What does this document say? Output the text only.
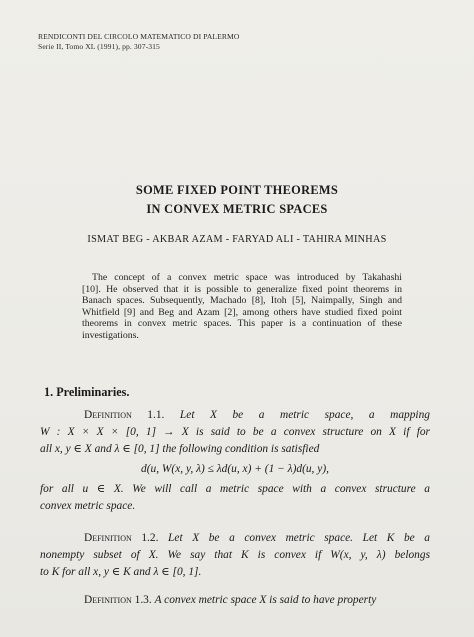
RENDICONTI DEL CIRCOLO MATEMATICO DI PALERMO
Serie II, Tomo XL (1991), pp. 307-315
SOME FIXED POINT THEOREMS
IN CONVEX METRIC SPACES
ISMAT BEG - AKBAR AZAM - FARYAD ALI - TAHIRA MINHAS
The concept of a convex metric space was introduced by Takahashi
[10]. He observed that it is possible to generalize fixed point theorems in
Banach spaces. Subsequently, Machado [8], Itoh [5], Naimpally, Singh and
Whitfield [9] and Beg and Azam [2], among others have studied fixed point
theorems in convex metric spaces. This paper is a continuation of these
investigations.
1. Preliminaries.
Definition 1.1. Let X be a metric space, a mapping
W : X × X × [0, 1] → X is said to be a convex structure on X if for
all x, y ∈ X and λ ∈ [0, 1] the following condition is satisfied
d(u, W(x, y, λ) ≤ λd(u, x) + (1 − λ)d(u, y),
for all u ∈ X. We will call a metric space with a convex structure a
convex metric space.
Definition 1.2. Let X be a convex metric space. Let K be a
nonempty subset of X. We say that K is convex if W(x, y, λ) belongs
to K for all x, y ∈ K and λ ∈ [0, 1].
Definition 1.3. A convex metric space X is said to have property
